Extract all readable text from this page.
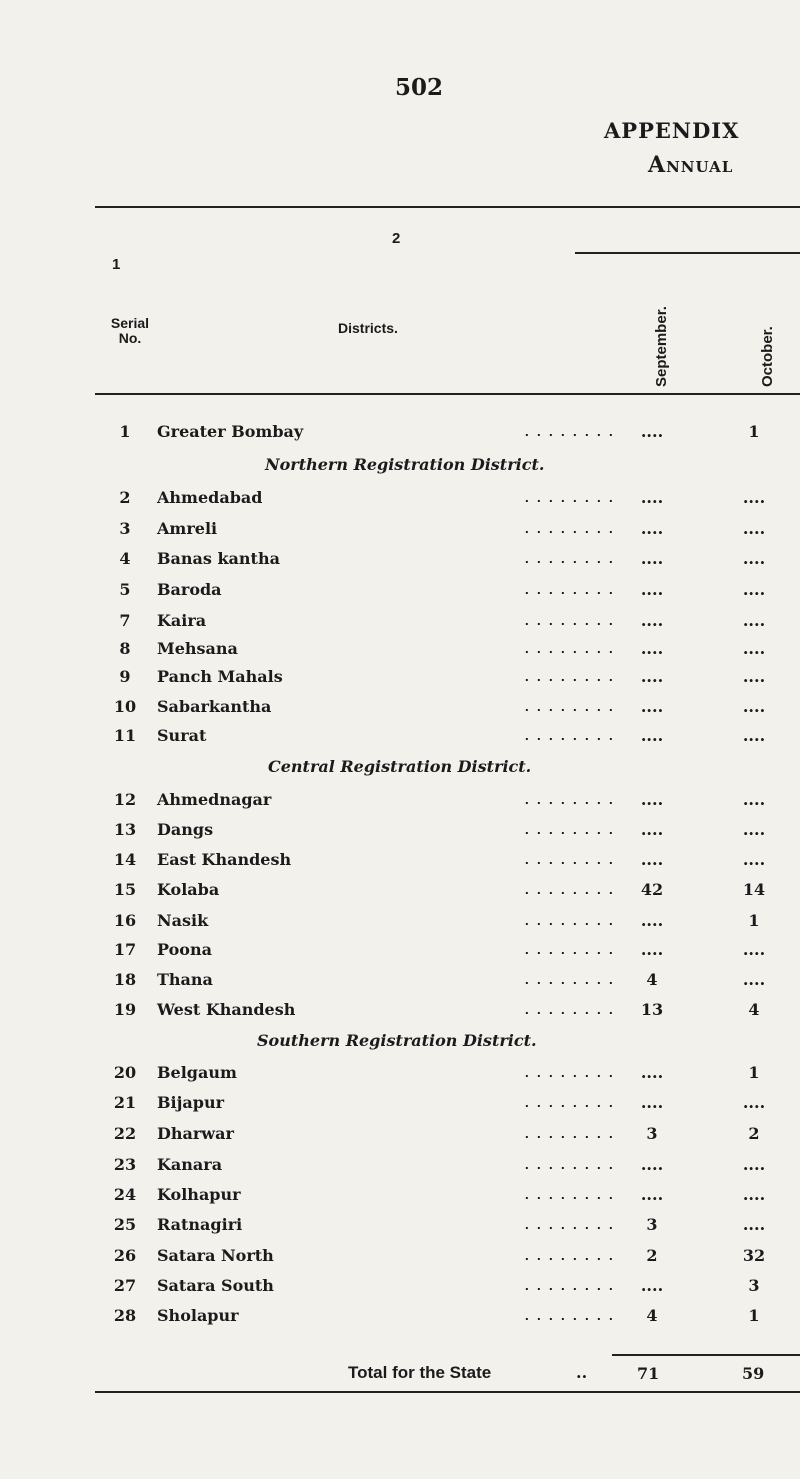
502
APPENDIX
Annual
1
2
Serial
No.
Districts.	September.	October.
Northern Registration District.
Central Registration District.
Southern Registration District.
1	Greater Bombay	. . . . . . . .	....	1
2	Ahmedabad	. . . . . . . .	....	....
3	Amreli	. . . . . . . .	....	....
4	Banas kantha	. . . . . . . .	....	....
5	Baroda	. . . . . . . .	....	....
7	Kaira	. . . . . . . .	....	....
8	Mehsana	. . . . . . . .	....	....
9	Panch Mahals	. . . . . . . .	....	....
10	Sabarkantha	. . . . . . . .	....	....
11	Surat	. . . . . . . .	....	....
12	Ahmednagar	. . . . . . . .	....	....
13	Dangs	. . . . . . . .	....	....
14	East Khandesh	. . . . . . . .	....	....
15	Kolaba	. . . . . . . .	42	14
16	Nasik	. . . . . . . .	....	1
17	Poona	. . . . . . . .	....	....
18	Thana	. . . . . . . .	4	....
19	West Khandesh	. . . . . . . .	13	4
20	Belgaum	. . . . . . . .	....	1
21	Bijapur	. . . . . . . .	....	....
22	Dharwar	. . . . . . . .	3	2
23	Kanara	. . . . . . . .	....	....
24	Kolhapur	. . . . . . . .	....	....
25	Ratnagiri	. . . . . . . .	3	....
26	Satara North	. . . . . . . .	2	32
27	Satara South	. . . . . . . .	....	3
28	Sholapur	. . . . . . . .	4	1
Total for the State	..	71	59
